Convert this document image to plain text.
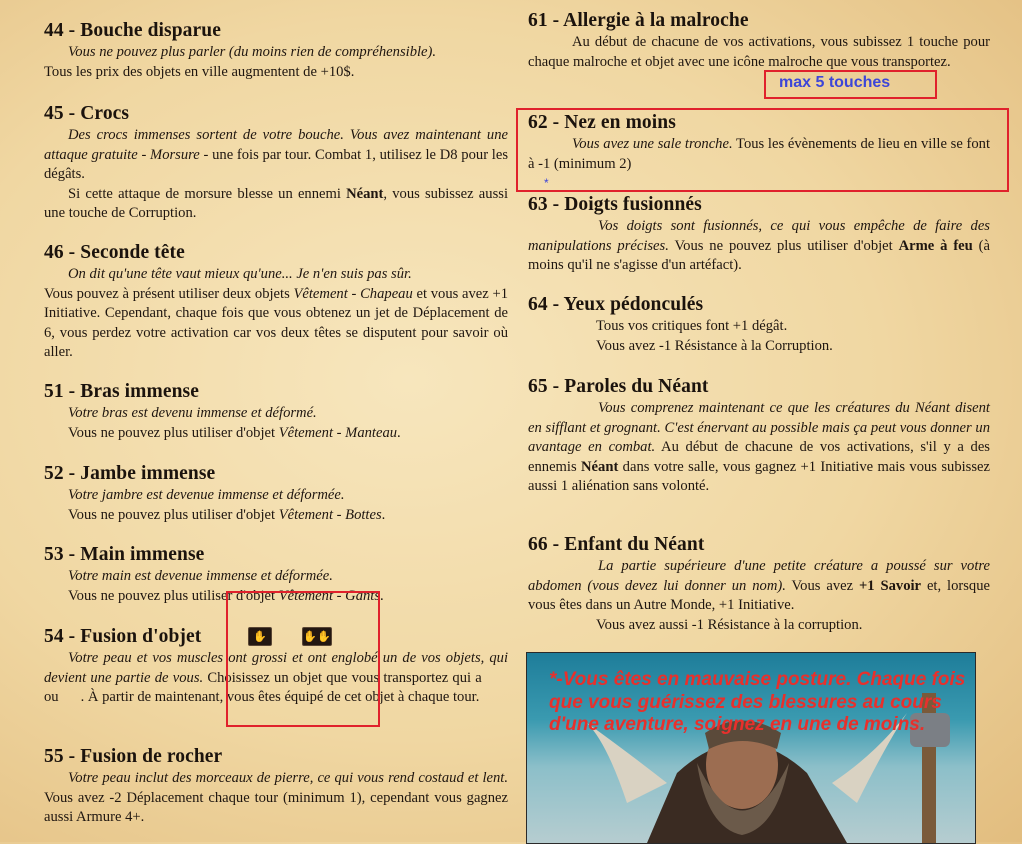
44 - Bouche disparue

Vous ne pouvez plus parler (du moins rien de compréhensible).

Tous les prix des objets en ville augmentent de +10$.

45 - Crocs

Des crocs immenses sortent de votre bouche. Vous avez maintenant une attaque gratuite - Morsure - une fois par tour. Combat 1, utilisez le D8 pour les dégâts.

Si cette attaque de morsure blesse un ennemi Néant, vous subissez aussi une touche de Corruption.

46 - Seconde tête

On dit qu'une tête vaut mieux qu'une... Je n'en suis pas sûr.

Vous pouvez à présent utiliser deux objets Vêtement - Chapeau et vous avez +1 Initiative. Cependant, chaque fois que vous obtenez un jet de Déplacement de 6, vous perdez votre activation car vos deux têtes se disputent pour savoir où aller.

51 - Bras immense

Votre bras est devenu immense et déformé.

Vous ne pouvez plus utiliser d'objet Vêtement - Manteau.

52 - Jambe immense

Votre jambre est devenue immense et déformée.

Vous ne pouvez plus utiliser d'objet Vêtement - Bottes.

53 - Main immense

Votre main est devenue immense et déformée.

Vous ne pouvez plus utiliser d'objet Vêtement - Gants.

54 - Fusion d'objet

Votre peau et vos muscles ont grossi et ont englobé un de vos objets, qui devient une partie de vous. Choisissez un objet que vous transportez qui a ou . À partir de maintenant, vous êtes équipé de cet objet à chaque tour.

55 - Fusion de rocher

Votre peau inclut des morceaux de pierre, ce qui vous rend costaud et lent. Vous avez -2 Déplacement chaque tour (minimum 1), cependant vous gagnez aussi Armure 4+.

✋	✋✋
61 - Allergie à la malroche

Au début de chacune de vos activations, vous subissez 1 touche pour chaque malroche et objet avec une icône malroche que vous transportez.

62 - Nez en moins

Vous avez une sale tronche. Tous les évènements de lieu en ville se font à -1 (minimum 2)

63 - Doigts fusionnés

Vos doigts sont fusionnés, ce qui vous empêche de faire des manipulations précises. Vous ne pouvez plus utiliser d'objet Arme à feu (à moins qu'il ne s'agisse d'un artéfact).

64 - Yeux pédonculés

Tous vos critiques font +1 dégât.

Vous avez -1 Résistance à la Corruption.

65 - Paroles du Néant

Vous comprenez maintenant ce que les créatures du Néant disent en sifflant et grognant. C'est énervant au possible mais ça peut vous donner un avantage en combat. Au début de chacune de vos activations, s'il y a des ennemis Néant dans votre salle, vous gagnez +1 Initiative mais vous subissez aussi 1 aliénation sans volonté.

66 - Enfant du Néant

La partie supérieure d'une petite créature a poussé sur votre abdomen (vous devez lui donner un nom). Vous avez +1 Savoir et, lorsque vous êtes dans un Autre Monde, +1 Initiative.

Vous avez aussi -1 Résistance à la corruption.

max 5 touches
*
*-Vous êtes en mauvaise posture. Chaque fois que vous guérissez des blessures au cours d'une aventure, soignez en une de moins.
